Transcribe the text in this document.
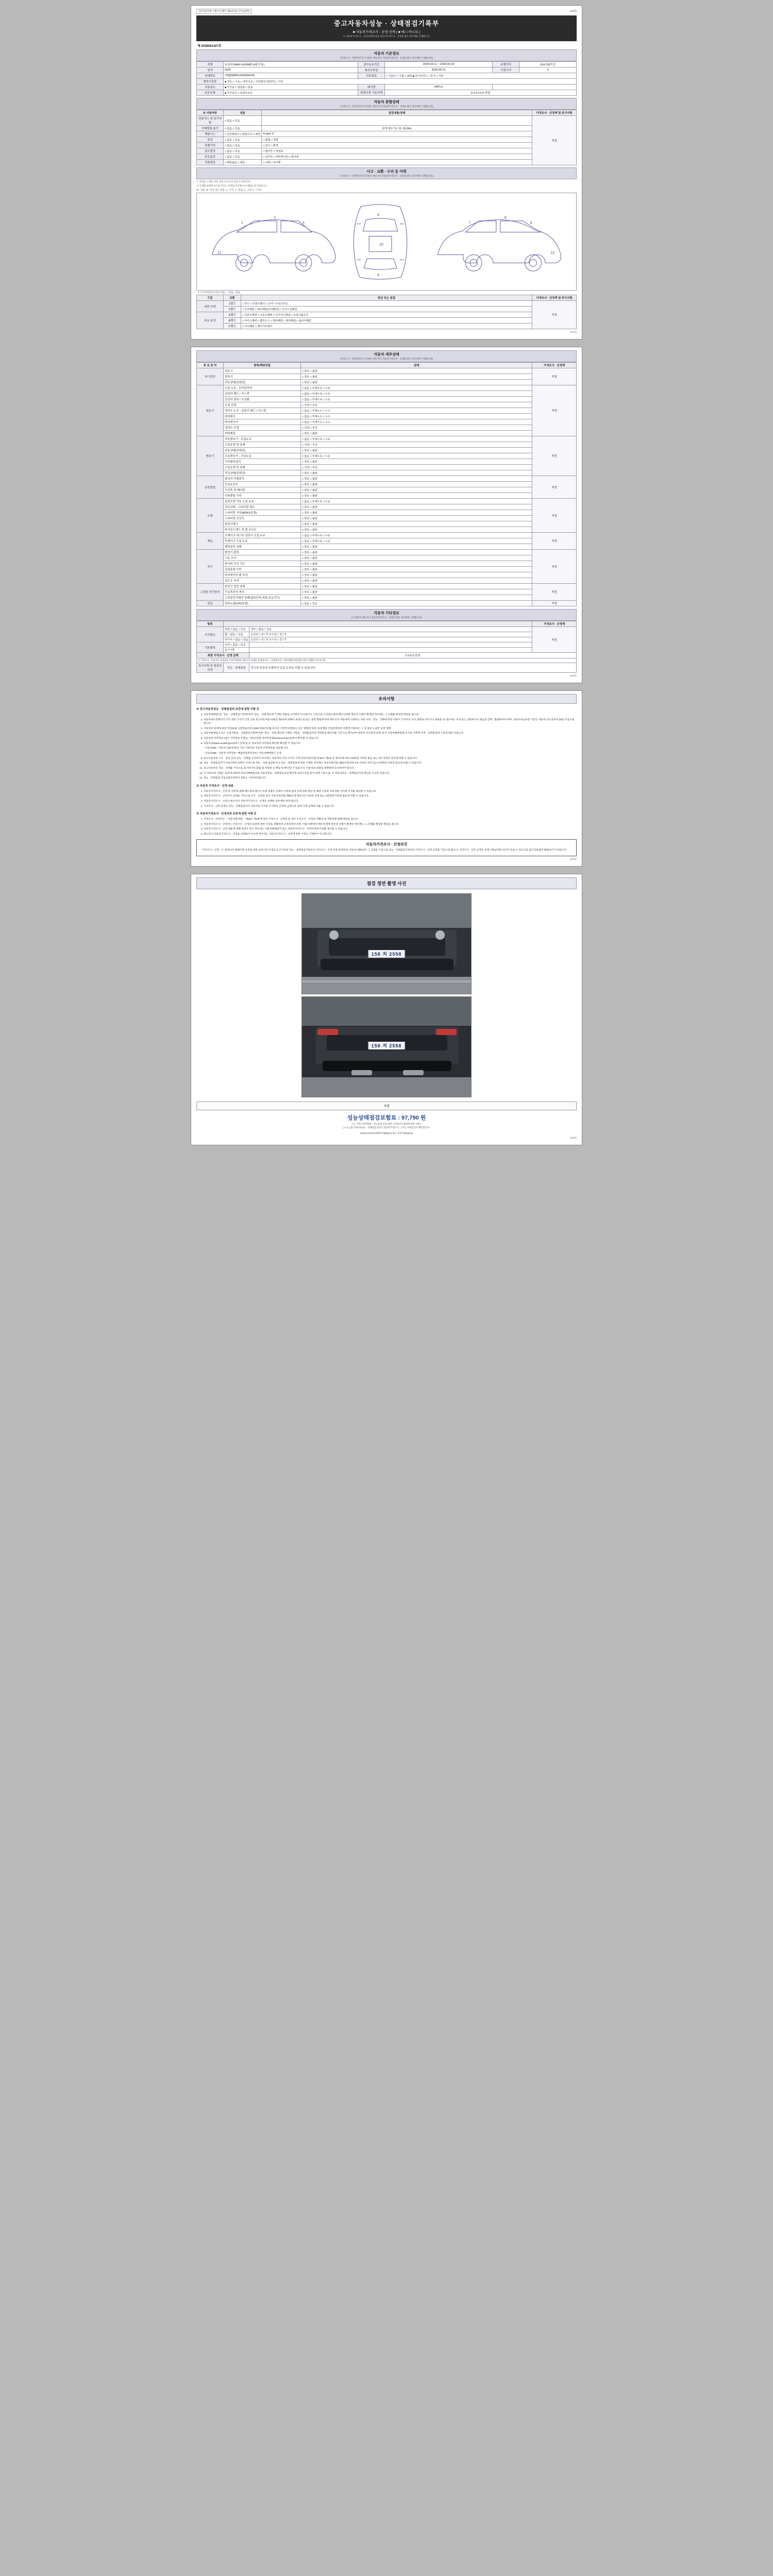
자동차관리법 시행규칙 [별지 제82호의2 서식] (앞쪽)	(1/4면)
중고자동차성능 · 상태점검기록부
■ 자동차가격조사 · 산정 선택 ( ■ 예 □ 아니오 )
※ 자동차가격조사 · 산정선택에 따라 자동차가격조사 · 산정을 받은 경우에만 기재합니다.
제 0226001327호
자동차 기본정보
(가격조사 · 산정액 및 특기사항은 매도자가 자동차가격조사 · 산정을 받은 경우에만 기재합니다)
차명	토요타 RAV4 HV(4WD (4륜구동)	검사유효기간	2025-03-11 ~ 2030-03-10	주행거리	164,762키로
연식	2025	최초등록일	2025-05-11	이전수리	0
차대번호	JTMZWRFVX0D004742	사용연료	□ 가솔린 □ 디젤 □ LPG ■ 하이브리드 □ 전기 □ 기타		
변속기종류	■ 자동 □ 수동 □ 세미오토 □ 무단변속기(CVT) □ 기타				
사용용도	■ 자가용 □ 영업용 □ 관용	배기량	2487cc		
보증유형	■ 자가보증 □ 보험사보증	차량가격 기준가액	0 0 0 0 0 0 만원		
자동차 종합상태
(가격조사 · 산정액 및 특기사항은 매도자가 자동차가격조사 · 산정을 받은 경우에만 기재합니다)
※ 사용여부	내용	점검내용/상태	가격조사 · 산정액 및 특기사항
전용가스 및 특기사항	□ 없음 □ 있음		적정
자체방출 용기	□ 없음 □ 있음	현재 데모기도 15, 15,09m	
배출가스	□ 일산화탄소 □ 탄화수소 □ 매연	% ppm %	
튜닝	□ 없음 □ 있음	□ 불법 □ 적법	
특별이력	□ 없음 □ 있음	□ 침수 □ 화재	
용도변경	□ 없음 □ 있음	□ 렌터카 □ 영업용	
주요옵션	□ 없음 □ 있음	□ 선루프 □ 내비게이션 □ 에어백	
리콜대상	□ 해당없음 □ 해당	□ 이행 □ 미이행	
사고 · 교환 · 수리 등 이력
(가격조사 · 산정액 및 특기사항은 매도자가 자동차가격조사 · 산정을 받은 경우에만 기재합니다)
※ 실제로 기재한 사항 외에 수리 등이 있을 수 있습니다.
※ 부위별 상태에 표기된 부호는 아래의 부호별 표시내용을 참고하십시오.
(X : 교환, W : 판금 또는 용접, C : 부식, A : 흠집, U : 요철, T : 손상)
1
2
3
4
10
6
7
8
9
11	12
※ 사고이력 (표시사항 포함) : □ 있음 □ 없음
구분	교환	판금 또는 용접	가격조사 · 산정액 및 특기사항
외판 부위	1랭크	□ 후드 □ 프론트휀더 □ 도어 □ 트렁크리드	적정
	2랭크	□ 루프패널 □ 쿼터패널(리어휀더) □ 사이드실패널	
주요 골격	A랭크	□ 프론트패널 □ 크로스멤버 □ 인사이드패널 □ 트렁크플로어	
	B랭크	□ 사이드멤버 □ 휠하우스 □ 필러패널 □ 대쉬패널 □ 플로어패널	
	C랭크	□ 리어패널 □ 패키지트레이	
(1/4면)
자동차 세부상태
(가격조사 · 산정액 및 특기사항은 매도자가 자동차가격조사 · 산정을 받은 경우에만 기재합니다)
주 요 장 치	항목/해당부품	상태	가격조사 · 산정액
자기진단	원동기	□ 양호 □ 불량	적정
	변속기	□ 양호 □ 불량	
	작동상태(공회전)	□ 양호 □ 불량	
원동기	오일 누유 - 로커암커버	□ 없음 □ 미세누유 □ 누유	적정
	실린더 헤드 / 가스켓	□ 없음 □ 미세누유 □ 누유	
	실린더 블록 / 오일팬	□ 없음 □ 미세누유 □ 누유	
	오일 유량	□ 적정 □ 부족	
	냉각수 누수 - 실린더 헤드 / 가스켓	□ 없음 □ 미세누수 □ 누수	
	워터펌프	□ 없음 □ 미세누수 □ 누수	
	라디에이터	□ 없음 □ 미세누수 □ 누수	
	냉각수 수량	□ 적정 □ 부족	
	커먼레일	□ 양호 □ 불량	
변속기	자동변속기 - 오일누유	□ 없음 □ 미세누유 □ 누유	적정
	오일유량 및 상태	□ 적정 □ 부족	
	작동상태(공회전)	□ 양호 □ 불량	
	수동변속기 - 오일누유	□ 없음 □ 미세누유 □ 누유	
	기어변속장치	□ 양호 □ 불량	
	오일유량 및 상태	□ 적정 □ 부족	
	작동상태(공회전)	□ 양호 □ 불량	
동력전달	클러치 어셈블리	□ 양호 □ 불량	적정
	등속죠인트	□ 양호 □ 불량	
	추진축 및 베어링	□ 양호 □ 불량	
	디퍼렌셜 기어	□ 양호 □ 불량	
조향	동력조향 작동 오일 누유	□ 없음 □ 미세누유 □ 누유	적정
	작동상태 - 스티어링 펌프	□ 양호 □ 불량	
	스티어링 기어(MDPS포함)	□ 양호 □ 불량	
	스티어링 조인트	□ 양호 □ 불량	
	파워크랭크	□ 양호 □ 불량	
	타이로드엔드 및 볼 조인트	□ 양호 □ 불량	
제동	브레이크 마스터 실린더 오일 누유	□ 없음 □ 미세누유 □ 누유	적정
	브레이크 오일 누유	□ 없음 □ 미세누유 □ 누유	
	배력장치 상태	□ 양호 □ 불량	
전기	발전기 출력	□ 양호 □ 불량	적정
	시동 모터	□ 양호 □ 불량	
	와이퍼 모터 기능	□ 양호 □ 불량	
	실내송풍 모터	□ 양호 □ 불량	
	라디에이터 팬 모터	□ 양호 □ 불량	
	윈도우 모터	□ 양호 □ 불량	
고전원 전기장치	충전구 절연 상태	□ 양호 □ 불량	적정
	구동축전지 격리	□ 양호 □ 불량	
	고전원전기배선 상태(접속단자,피복,보호기구)	□ 양호 □ 불량	
연료	연료누출(LPG포함)	□ 없음 □ 있음	적정
자동차 기타정보
(※ 항목은 매도자가 자동차가격조사 · 산정을 받은 경우에만 기재합니다)
항목			가격조사 · 산정액
수리필요	외관 □ 없음 □ 있음	내부 □ 없음 □ 있음	적정
	휠 □ 없음 □ 있음	운전석 □ 전 / 후 조수석 □ 전 / 후	
	타이어 □ 없음 □ 있음	운전석 □ 전 / 후 조수석 □ 전 / 후	
기본품목	유리 □ 없음 □ 있음		
	보시시항		
최종 가격조사 · 산정 금액		0 0 0 0 만원	
※ 가격조사 · 산정자의 실제점검 가격기준액을 바탕으로 산정한 금액입니다. □ 실매매기준 □ 최저매매가격(차량기준) / 차량별 자동차가격			
특기사항 및 점검자의견	성능 · 상태점검	중고차 특성상 부품먼지 유료 오차로 인할 수 있습니다.	
(2/4면)
유의사항
※ 중고자동차성능 · 상태점검의 보증에 관한 사항 등
1. 자동차매매업자는 성능 · 상태점검기록부(이하 "성능 · 상태 체크에 기재된 내용을 고지하지 아니하거나 거짓으로 고지함으로써 매수인에게 재산상 손해가 발생한 경우에는 그 손해를 배상할 책임을 집니다.
2. 자동차양도증명서가 거짓 정보 고지가 인정 금융 중고자동차를 내용을 제3자에 의해서 보장으로 있는 설정 방법에 따라 매수인이 자동차에 이용하는 보증 사항 : 성능 · 상태에 관한 사항이 소비자의 수리 설명과 다르거나 내용을 한 경우에는 수리 또는 교환하거나 대금을 감액 · 환불하여야 하며, 자동차성능보증 기간은 자동차 인도일부터 30일 이상으로 합니다.
3. 자동차의 임대에 보증기간(30일, 2천킬로미터) 2000 킬로미터를 중고차 시장에 포함하고 있는 방법에 따라, 보증책임 간접설정하여 이행에 이용하는 그 중 권의 도움만 규정 개별 .
4. 자동차매매업자 등은 인정사항을 · 상태점검기록부(이하 "성능 · 상태 체크에 기재한 사항을 · 상태점검자의 상태점검 확인서를 기준으로 명시하여 한하지 아니하게 되며, 하지 자동차매매업에 조사한 자에게 인정 · 상태점검에 기준에 따라 다릅니다.
5. 자동차의 이력정보 (침수 이력정보 포함)는 자동차민원 대국민포털(www.ecar.go.kr)에서 확인할 수 있습니다.
6. 자동차의(www.car365.go.kr)에서 실제 및 등 정보자의 이력정보 확인할 확인할 수 있습니다.
- 자동차365 : 자동차 내용에 관한 기타 기록정보 자동차 이력정보를 제공합니다.
- 자동차365 : 자동차 이력정보 / 배출허용관리정보 / 자동차매매광고 공개
9. 중고자동차의 구조 · 장치 등의 성능 · 상태를 고지하지 아니하는 자동차의 인정 고지가 기재 (자동차관리법 제 80조 제6호 및 제7호에 따라 100만원 이하의 벌금 또는 2년 이하의 징역에 처할 수 있습니다.
10. 성능 · 상태점검자가 자동차양도증명서 거짓으로 성능 · 상태 점검하거나 성능 · 상태점검에 관한 기재한 경우에는 자동차관리법 제80조에 따라 2년 이하의 징역 또는 2천만원 이하의 벌금에 처할 수 있습니다.
11. 중고자동차의 성능 · 상태를 거짓으로 표기하거나 불법 및 차량의 등 책임 및 확인할 수 있습니다. 자동차의 내용을 정확하게 표시하여야 합니다.
12. 이 자동차의 상태는 보증에 대하여 자동차매매업자와 자동차성능 · 상태점검자의 확인에 보증기간을 받아 설명 기준으로, 이 자동차성능 · 상태점검자의 판단을 고지한 것입니다.
13. 성능 · 상태점검 국토교통부장관이 정하는 기준에 따릅니다.
※ 자동차 가격조사 · 산정 내용
1. 자동차가격조사 · 산정 한 사항에 대해 매도자와 매수인 등의 내용이 금액이 사실과 달라 등에 따라 판단 및 해당 사실을 자동차를 가격에 조사를 제공할 수 있습니다.
2. 자동차가격조사 · 산정자가 금액을 거짓으로 조사 · 산정한 경우 자동차관리법 제80조에 따라 2년 이하의 징역 또는 2천만원 이하의 벌금에 처할 수 있습니다.
3. 자동차가격조사 · 산정은 매수인이 자동차가격조사 · 산정을 선택한 경우에만 하게 됩니다.
4. 가격조사 · 산정 금액은 성능 · 상태점검자가 자동차의 가격을 조사하여 산정한 금액으로 실제 거래 금액과 다를 수 있습니다.
※ 자동차가격조사 · 산정자의 보증에 관한 사항 등
1. 가격조사 · 산정자는 「자동차관리법」 제58조 제3항에 따라 가격조사 · 산정을 한 경우 가격조사 · 산정의 정확성 및 객관성에 대해 책임을 집니다.
2. 자동차가격조사 · 산정자는 가격조사 · 산정의 보증에 관한 사항을 정확하게 고지하여야 하며, 이를 위반하여 매수인에게 재산상 손해가 발생한 경우에는 그 손해를 배상할 책임을 집니다.
3. 자동차가격조사 · 산정 내용에 대해 이의가 있는 경우에는 자동차매매업자 또는 자동차가격조사 · 산정자에게 이의를 제기할 수 있습니다.
4. 매도자가 자동차가격조사 · 산정을 선택하지 아니한 경우에는 자동차가격조사 · 산정에 관한 사항은 기재하지 아니합니다.
자동차가격조사 · 산정의견
「가격조사 · 산정」은 실제가격 매매가액 산정을 위한 보증기간 이내의 교고가격의 성능 · 상태점검기록부의 가격조사 · 산정 부분 반영하여, 자동차 매매업자 그 금액을 기준으로 성능 · 상태점검기록부의 가격조사 · 산정 금액을 기준으로 합니다. 가격조사 · 산정 금액은 실제 거래금액과 차이가 있을 수 있으므로 참고자료로만 활용하시기 바랍니다.
(3/4면)
점검 정면 촬영 사진
158 저 2558
158 저 2558
서명
성능상태점검보험료 : 97,790 원
[ ※ 가격조사위원회 : 성능점검 보증 관련 / 보증수리 범위에 관한 사항 ]
[ ※ 1 ] 중고자동차성능 · 상태점검 결과 ( 자동차가격조사 · 산정 ) 사항입니다 확인합니다.
210mm×297mm[백상지(80g/㎡) 또는 중질지(80g/㎡)]
(4/4면)
